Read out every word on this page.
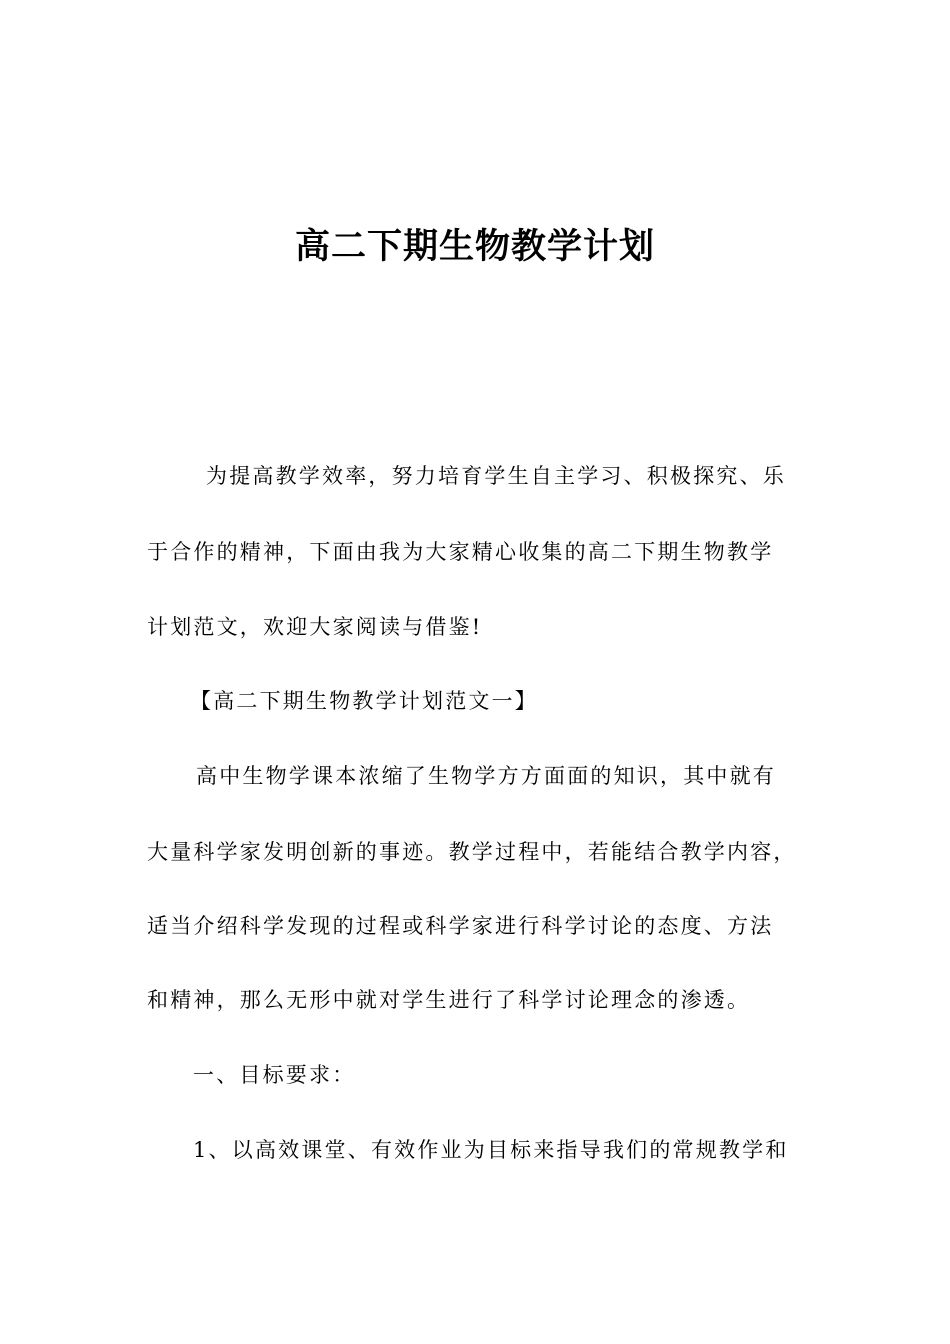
高二下期生物教学计划

为提高教学效率，努力培育学生自主学习、积极探究、乐

于合作的精神，下面由我为大家精心收集的高二下期生物教学

计划范文，欢迎大家阅读与借鉴!

【高二下期生物教学计划范文一】

高中生物学课本浓缩了生物学方方面面的知识，其中就有

大量科学家发明创新的事迹。教学过程中，若能结合教学内容，

适当介绍科学发现的过程或科学家进行科学讨论的态度、方法

和精神，那么无形中就对学生进行了科学讨论理念的渗透。

一、目标要求：

1、以高效课堂、有效作业为目标来指导我们的常规教学和
